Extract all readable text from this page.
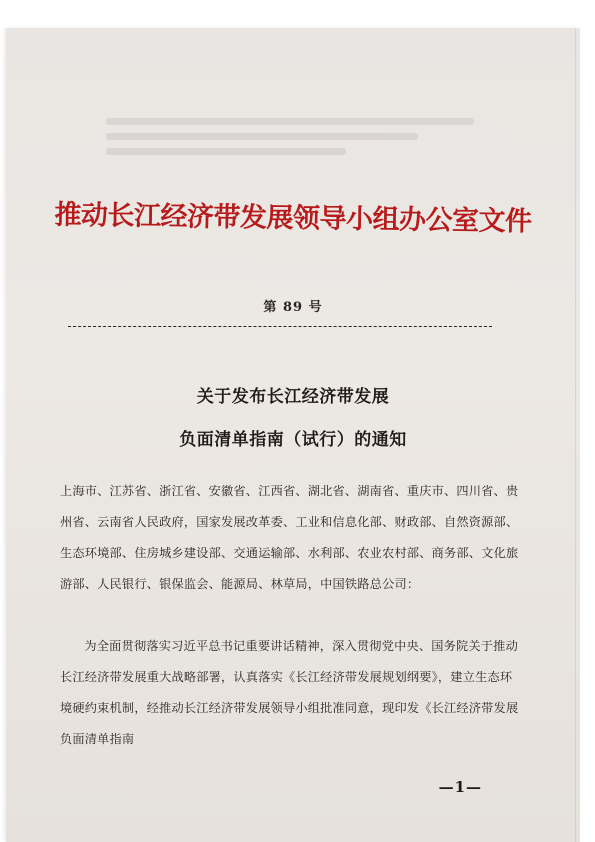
推动长江经济带发展领导小组办公室文件
第 89 号
关于发布长江经济带发展
负面清单指南（试行）的通知
上海市、江苏省、浙江省、安徽省、江西省、湖北省、湖南省、重庆市、四川省、贵州省、云南省人民政府，国家发展改革委、工业和信息化部、财政部、自然资源部、生态环境部、住房城乡建设部、交通运输部、水利部、农业农村部、商务部、文化旅游部、人民银行、银保监会、能源局、林草局，中国铁路总公司：
为全面贯彻落实习近平总书记重要讲话精神，深入贯彻党中央、国务院关于推动长江经济带发展重大战略部署，认真落实《长江经济带发展规划纲要》，建立生态环境硬约束机制，经推动长江经济带发展领导小组批准同意，现印发《长江经济带发展负面清单指南
—1—
